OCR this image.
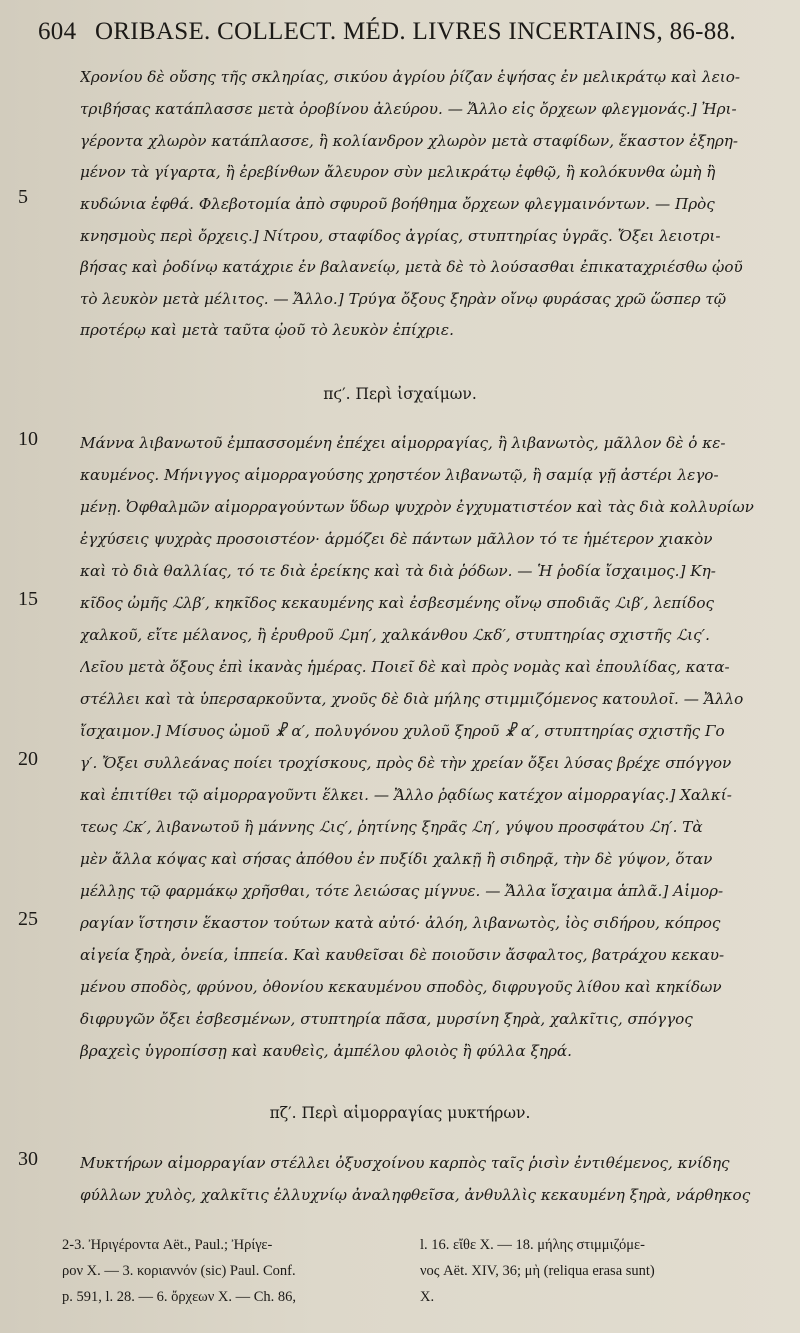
604 ORIBASE. COLLECT. MÉD. LIVRES INCERTAINS, 86-88.
Χρονίου δὲ οὔσης τῆς σκληρίας, σικύου ἀγρίου ῥίζαν ἑψήσας ἐν μελικράτῳ καὶ λειο-
τριβήσας κατάπλασσε μετὰ ὀροβίνου ἀλεύρου. — Ἄλλο εἰς ὄρχεων φλεγμονάς.] Ἠρι-
γέροντα χλωρὸν κατάπλασσε, ἢ κολίανδρον χλωρὸν μετὰ σταφίδων, ἕκαστον ἐξηρη-
μένον τὰ γίγαρτα, ἢ ἐρεβίνθων ἄλευρον σὺν μελικράτῳ ἑφθῷ, ἢ κολόκυνθα ὠμὴ ἢ
κυδώνια ἑφθά. Φλεβοτομία ἀπὸ σφυροῦ βοήθημα ὄρχεων φλεγμαινόντων. — Πρὸς
κνησμοὺς περὶ ὄρχεις.] Νίτρου, σταφίδος ἀγρίας, στυπτηρίας ὑγρᾶς. Ὄξει λειοτρι-
βήσας καὶ ῥοδίνῳ κατάχριε ἐν βαλανείῳ, μετὰ δὲ τὸ λούσασθαι ἐπικαταχριέσθω ᾠοῦ
τὸ λευκὸν μετὰ μέλιτος. — Ἄλλο.] Τρύγα ὄξους ξηρὰν οἴνῳ φυράσας χρῶ ὥσπερ τῷ
προτέρῳ καὶ μετὰ ταῦτα ᾠοῦ τὸ λευκὸν ἐπίχριε.
5
πϛ′. Περὶ ἰσχαίμων.
Μάννα λιβανωτοῦ ἐμπασσομένη ἐπέχει αἱμορραγίας, ἢ λιβανωτὸς, μᾶλλον δὲ ὁ κε-
καυμένος. Μήνιγγος αἱμορραγούσης χρηστέον λιβανωτῷ, ἢ σαμίᾳ γῇ ἀστέρι λεγο-
μένῃ. Ὀφθαλμῶν αἱμορραγούντων ὕδωρ ψυχρὸν ἐγχυματιστέον καὶ τὰς διὰ κολλυρίων
ἐγχύσεις ψυχρὰς προσοιστέον· ἁρμόζει δὲ πάντων μᾶλλον τό τε ἡμέτερον χιακὸν
καὶ τὸ διὰ θαλλίας, τό τε διὰ ἐρείκης καὶ τὰ διὰ ῥόδων. — Ἡ ῥοδία ἴσχαιμος.] Κη-
κῖδος ὠμῆς ℒλβ′, κηκῖδος κεκαυμένης καὶ ἐσβεσμένης οἴνῳ σποδιᾶς ℒιβ′, λεπίδος
χαλκοῦ, εἴτε μέλανος, ἢ ἐρυθροῦ ℒμη′, χαλκάνθου ℒκδ′, στυπτηρίας σχιστῆς ℒις′.
Λεῖου μετὰ ὄξους ἐπὶ ἱκανὰς ἡμέρας. Ποιεῖ δὲ καὶ πρὸς νομὰς καὶ ἐπουλίδας, κατα-
στέλλει καὶ τὰ ὑπερσαρκοῦντα, χνοῦς δὲ διὰ μήλης στιμμιζόμενος κατουλοῖ. — Ἄλλο
ἴσχαιμον.] Μίσυος ὠμοῦ ☧ α′, πολυγόνου χυλοῦ ξηροῦ ☧ α′, στυπτηρίας σχιστῆς Γο
γ′. Ὄξει συλλεάνας ποίει τροχίσκους, πρὸς δὲ τὴν χρείαν ὄξει λύσας βρέχε σπόγγον
καὶ ἐπιτίθει τῷ αἱμορραγοῦντι ἕλκει. — Ἄλλο ῥᾳδίως κατέχον αἱμορραγίας.] Χαλκί-
τεως ℒκ′, λιβανωτοῦ ἢ μάννης ℒις′, ῥητίνης ξηρᾶς ℒη′, γύψου προσφάτου ℒη′. Τὰ
μὲν ἄλλα κόψας καὶ σήσας ἀπόθου ἐν πυξίδι χαλκῇ ἢ σιδηρᾷ, τὴν δὲ γύψον, ὅταν
μέλλῃς τῷ φαρμάκῳ χρῆσθαι, τότε λειώσας μίγνυε. — Ἄλλα ἴσχαιμα ἁπλᾶ.] Αἱμορ-
ραγίαν ἵστησιν ἕκαστον τούτων κατὰ αὐτό· ἀλόη, λιβανωτὸς, ἰὸς σιδήρου, κόπρος
αἰγεία ξηρὰ, ὀνεία, ἱππεία. Καὶ καυθεῖσαι δὲ ποιοῦσιν ἄσφαλτος, βατράχου κεκαυ-
μένου σποδὸς, φρύνου, ὀθονίου κεκαυμένου σποδὸς, διφρυγοῦς λίθου καὶ κηκίδων
διφρυγῶν ὄξει ἐσβεσμένων, στυπτηρία πᾶσα, μυρσίνη ξηρὰ, χαλκῖτις, σπόγγος
βραχεὶς ὑγροπίσσῃ καὶ καυθεὶς, ἀμπέλου φλοιὸς ἢ φύλλα ξηρά.
10
15
20
25
πζ′. Περὶ αἱμορραγίας μυκτήρων.
Μυκτήρων αἱμορραγίαν στέλλει ὀξυσχοίνου καρπὸς ταῖς ῥισὶν ἐντιθέμενος, κνίδης
φύλλων χυλὸς, χαλκῖτις ἐλλυχνίῳ ἀναληφθεῖσα, ἀνθυλλὶς κεκαυμένη ξηρὰ, νάρθηκος
30
2-3. Ἠριγέροντα Aët., Paul.; Ἠρίγε-
ρον X. — 3. κοριαννόν (sic) Paul. Conf.
p. 591, l. 28. — 6. ὄρχεων X. — Ch. 86,
l. 16. εἴθε X. — 18. μήλης στιμμιζόμε-
νος Aët. XIV, 36; μὴ (reliqua erasa sunt)
X.
